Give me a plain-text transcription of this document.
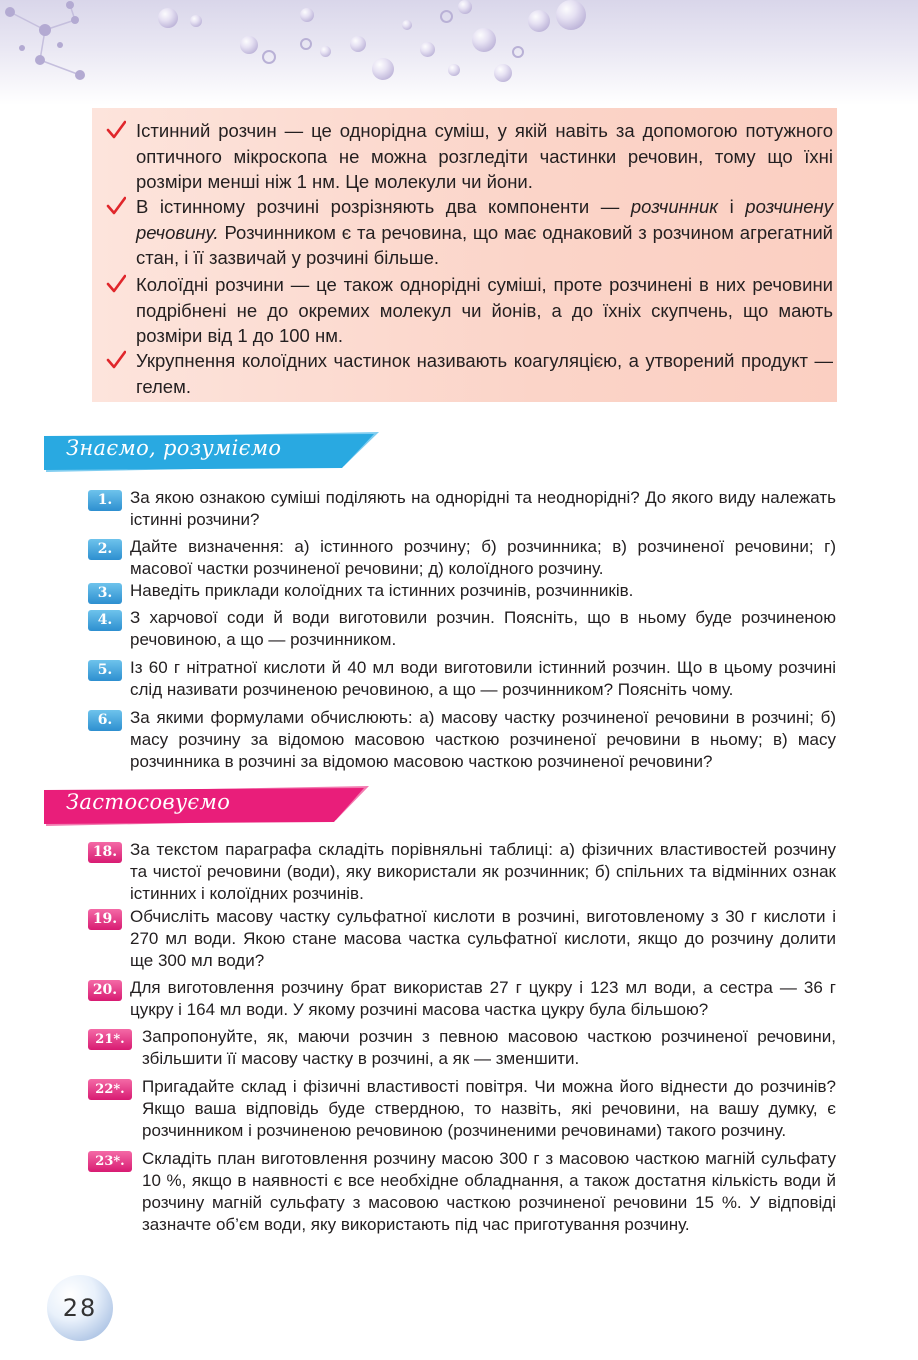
Істинний розчин — це однорідна суміш, у якій навіть за допомогою потужного оптичного мікроскопа не можна розгледіти частинки речовин, тому що їхні розміри менші ніж 1 нм. Це молекули чи йони.
В істинному розчині розрізняють два компоненти — розчинник і розчинену речовину. Розчинником є та речовина, що має однаковий з розчином агрегатний стан, і її зазвичай у розчині більше.
Колоїдні розчини — це також однорідні суміші, проте розчинені в них речовини подрібнені не до окремих молекул чи йонів, а до їхніх скупчень, що мають розміри від 1 до 100 нм.
Укрупнення колоїдних частинок називають коагуляцією, а утворений продукт — гелем.
Знаємо, розуміємо
1.	За якою ознакою суміші поділяють на однорідні та неоднорідні? До якого виду належать істинні розчини?
2.	Дайте визначення: а) істинного розчину; б) розчинника; в) розчиненої речовини; г) масової частки розчиненої речовини; д) колоїдного розчину.
3.	Наведіть приклади колоїдних та істинних розчинів, розчинників.
4.	З харчової соди й води виготовили розчин. Поясніть, що в ньому буде розчиненою речовиною, а що — розчинником.
5.	Із 60 г нітратної кислоти й 40 мл води виготовили істинний розчин. Що в цьому розчині слід називати розчиненою речовиною, а що — розчинником? Поясніть чому.
6.	За якими формулами обчислюють: а) масову частку розчиненої речовини в розчині; б) масу розчину за відомою масовою часткою розчиненої речовини в ньому; в) масу розчинника в розчині за відомою масовою часткою розчиненої речовини?
Застосовуємо
18. За текстом параграфа складіть порівняльні таблиці: а) фізичних властивостей розчину та чистої речовини (води), яку використали як розчинник; б) спільних та відмінних ознак істинних і колоїдних розчинів.
19. Обчисліть масову частку сульфатної кислоти в розчині, виготовленому з 30 г кислоти і 270 мл води. Якою стане масова частка сульфатної кислоти, якщо до розчину долити ще 300 мл води?
20. Для виготовлення розчину брат використав 27 г цукру і 123 мл води, а сестра — 36 г цукру і 164 мл води. У якому розчині масова частка цукру була більшою?
21*.	Запропонуйте, як, маючи розчин з певною масовою часткою розчиненої речовини, збільшити її масову частку в розчині, а як — зменшити.
22*.	Пригадайте склад і фізичні властивості повітря. Чи можна його віднести до розчинів? Якщо ваша відповідь буде ствердною, то назвіть, які речовини, на вашу думку, є розчинником і розчиненою речовиною (розчиненими речовинами) такого розчину.
23*.	Складіть план виготовлення розчину масою 300 г з масовою часткою магній сульфату 10 %, якщо в наявності є все необхідне обладнання, а також достатня кількість води й розчину магній сульфату з масовою часткою розчиненої речовини 15 %. У відповіді зазначте об’єм води, яку використають під час приготування розчину.
28
